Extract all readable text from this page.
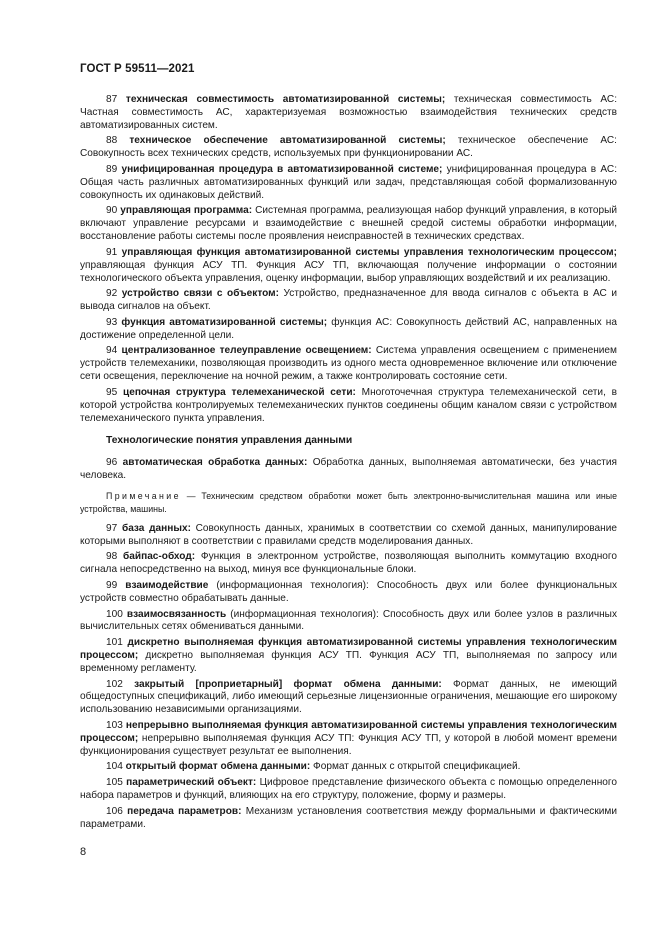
ГОСТ Р 59511—2021

87 техническая совместимость автоматизированной системы; техническая совместимость АС: Частная совместимость АС, характеризуемая возможностью взаимодействия технических средств автоматизированных систем.

88 техническое обеспечение автоматизированной системы; техническое обеспечение АС: Совокупность всех технических средств, используемых при функционировании АС.

89 унифицированная процедура в автоматизированной системе; унифицированная процедура в АС: Общая часть различных автоматизированных функций или задач, представляющая собой формализованную совокупность их одинаковых действий.

90 управляющая программа: Системная программа, реализующая набор функций управления, в который включают управление ресурсами и взаимодействие с внешней средой системы обработки информации, восстановление работы системы после проявления неисправностей в технических средствах.

91 управляющая функция автоматизированной системы управления технологическим процессом; управляющая функция АСУ ТП. Функция АСУ ТП, включающая получение информации о состоянии технологического объекта управления, оценку информации, выбор управляющих воздействий и их реализацию.

92 устройство связи с объектом: Устройство, предназначенное для ввода сигналов с объекта в АС и вывода сигналов на объект.

93 функция автоматизированной системы; функция АС: Совокупность действий АС, направленных на достижение определенной цели.

94 централизованное телеуправление освещением: Система управления освещением с применением устройств телемеханики, позволяющая производить из одного места одновременное включение или отключение сети освещения, переключение на ночной режим, а также контролировать состояние сети.

95 цепочная структура телемеханической сети: Многоточечная структура телемеханической сети, в которой устройства контролируемых телемеханических пунктов соединены общим каналом связи с устройством телемеханического пункта управления.

Технологические понятия управления данными

96 автоматическая обработка данных: Обработка данных, выполняемая автоматически, без участия человека.

Примечание — Техническим средством обработки может быть электронно-вычислительная машина или иные устройства, машины.

97 база данных: Совокупность данных, хранимых в соответствии со схемой данных, манипулирование которыми выполняют в соответствии с правилами средств моделирования данных.

98 байпас-обход: Функция в электронном устройстве, позволяющая выполнить коммутацию входного сигнала непосредственно на выход, минуя все функциональные блоки.

99 взаимодействие (информационная технология): Способность двух или более функциональных устройств совместно обрабатывать данные.

100 взаимосвязанность (информационная технология): Способность двух или более узлов в различных вычислительных сетях обмениваться данными.

101 дискретно выполняемая функция автоматизированной системы управления технологическим процессом; дискретно выполняемая функция АСУ ТП. Функция АСУ ТП, выполняемая по запросу или временному регламенту.

102 закрытый [проприетарный] формат обмена данными: Формат данных, не имеющий общедоступных спецификаций, либо имеющий серьезные лицензионные ограничения, мешающие его широкому использованию независимыми организациями.

103 непрерывно выполняемая функция автоматизированной системы управления технологическим процессом; непрерывно выполняемая функция АСУ ТП: Функция АСУ ТП, у которой в любой момент времени функционирования существует результат ее выполнения.

104 открытый формат обмена данными: Формат данных с открытой спецификацией.

105 параметрический объект: Цифровое представление физического объекта с помощью определенного набора параметров и функций, влияющих на его структуру, положение, форму и размеры.

106 передача параметров: Механизм установления соответствия между формальными и фактическими параметрами.

8
